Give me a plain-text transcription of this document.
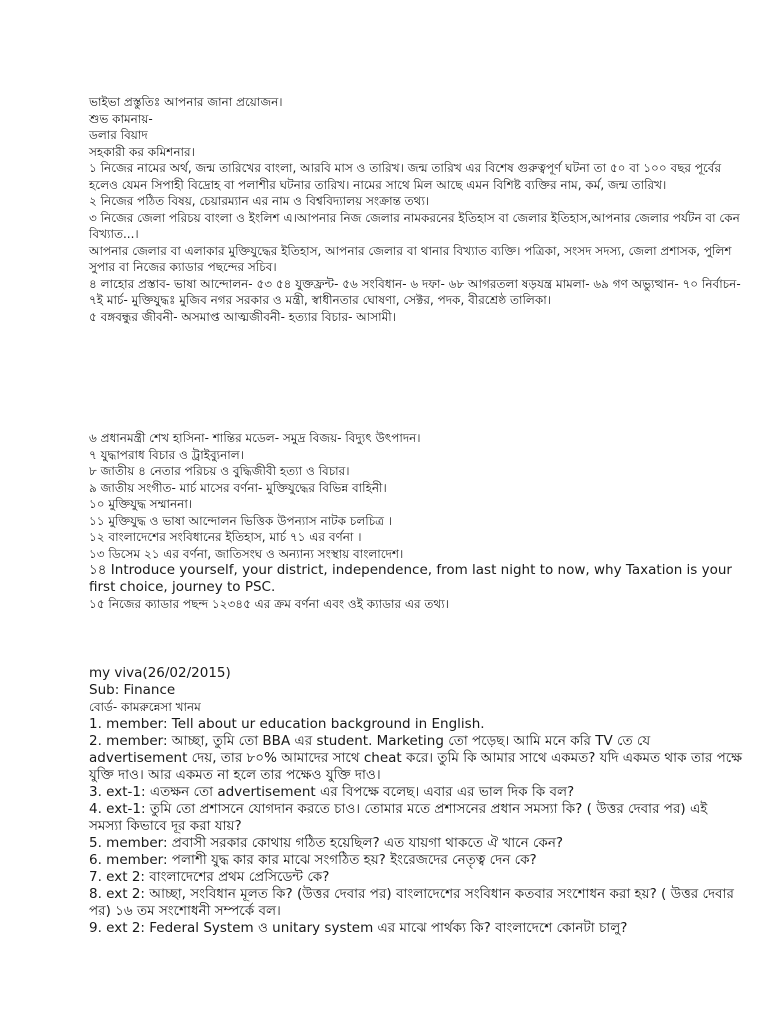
ভাইভা প্রস্তুতিঃ আপনার জানা প্রয়োজন।
শুভ কামনায়-
ডলার বিয়াদ
সহকারী কর কমিশনার।
১ নিজের নামের অর্থ, জন্ম তারিখের বাংলা, আরবি মাস ও তারিখ। জন্ম তারিখ এর বিশেষ গুরুত্বপূর্ণ ঘটনা তা ৫০ বা ১০০ বছর পূর্বের হলেও যেমন সিপাহী বিদ্রোহ বা পলাশীর ঘটনার তারিখ। নামের সাথে মিল আছে এমন বিশিষ্ট ব্যক্তির নাম, কর্ম, জন্ম তারিখ।
২ নিজের পঠিত বিষয়, চেয়ারম্যান এর নাম ও বিশ্ববিদ্যালয় সংক্রান্ত তথ্য।
৩ নিজের জেলা পরিচয় বাংলা ও ইংলিশ এ।আপনার নিজ জেলার নামকরনের ইতিহাস বা জেলার ইতিহাস,আপনার জেলার পর্যটন বা কেন বিখ্যাত...।
আপনার জেলার বা এলাকার মুক্তিযুদ্ধের ইতিহাস, আপনার জেলার বা থানার বিখ্যাত ব্যক্তি। পত্রিকা, সংসদ সদস্য, জেলা প্রশাসক, পুলিশ সুপার বা নিজের ক্যাডার পছন্দের সচিব।
৪ লাহোর প্রস্তাব- ভাষা আন্দোলন- ৫৩ ৫৪ যুক্তফ্রন্ট- ৫৬ সংবিধান- ৬ দফা- ৬৮ আগরতলা ষড়যন্ত্র মামলা- ৬৯ গণ অভ্যুত্থান- ৭০ নির্বাচন- ৭ই মার্চ- মুক্তিযুদ্ধঃ মুজিব নগর সরকার ও মন্ত্রী, স্বাধীনতার ঘোষণা, সেক্টর, পদক, বীরশ্রেষ্ঠ তালিকা।
৫ বঙ্গবন্ধুর জীবনী- অসমাপ্ত আত্মজীবনী- হত্যার বিচার- আসামী।
৬ প্রধানমন্ত্রী শেখ হাসিনা- শান্তির মডেল- সমুদ্র বিজয়- বিদ্যুৎ উৎপাদন।
৭ যুদ্ধাপরাধ বিচার ও ট্রাইব্যুনাল।
৮ জাতীয় ৪ নেতার পরিচয় ও বুদ্ধিজীবী হত্যা ও বিচার।
৯ জাতীয় সংগীত- মার্চ মাসের বর্ণনা- মুক্তিযুদ্ধের বিভিন্ন বাহিনী।
১০ মুক্তিযুদ্ধ সম্মাননা।
১১ মুক্তিযুদ্ধ ও ভাষা আন্দোলন ভিত্তিক উপন্যাস নাটক চলচিত্র ।
১২ বাংলাদেশের সংবিধানের ইতিহাস, মার্চ ৭১ এর বর্ণনা ।
১৩ ডিসেম ২১ এর বর্ণনা, জাতিসংঘ ও অন্যান্য সংস্থায় বাংলাদেশ।
১৪ Introduce yourself, your district, independence, from last night to now, why Taxation is your first choice, journey to PSC.
১৫ নিজের ক্যাডার পছন্দ ১২৩৪৫ এর ক্রম বর্ণনা এবং ওই ক্যাডার এর তথ্য।
my viva(26/02/2015)
Sub: Finance
বোর্ড- কামরুন্নেসা খানম
1. member: Tell about ur education background in English.
2. member: আচ্ছা, তুমি তো BBA এর student. Marketing তো পড়েছ। আমি মনে করি TV তে যে advertisement দেয়, তার ৮০% আমাদের সাথে cheat করে। তুমি কি আমার সাথে একমত? যদি একমত থাক তার পক্ষে যুক্তি দাও। আর একমত না হলে তার পক্ষেও যুক্তি দাও।
3. ext-1: এতক্ষন তো advertisement এর বিপক্ষে বলেছ। এবার এর ভাল দিক কি বল?
4. ext-1: তুমি তো প্রশাসনে যোগদান করতে চাও। তোমার মতে প্রশাসনের প্রধান সমস্যা কি? ( উত্তর দেবার পর) এই সমস্যা কিভাবে দূর করা যায়?
5. member: প্রবাসী সরকার কোথায় গঠিত হয়েছিল? এত যায়গা থাকতে ঐ খানে কেন?
6. member: পলাশী যুদ্ধ কার কার মাঝে সংগঠিত হয়? ইংরেজদের নেতৃত্ব দেন কে?
7. ext 2: বাংলাদেশের প্রথম প্রেসিডেন্ট কে?
8. ext 2: আচ্ছা, সংবিধান মূলত কি? (উত্তর দেবার পর) বাংলাদেশের সংবিধান কতবার সংশোধন করা হয়? ( উত্তর দেবার পর) ১৬ তম সংশোধনী সম্পর্কে বল।
9. ext 2: Federal System ও unitary system এর মাঝে পার্থক্য কি? বাংলাদেশে কোনটা চালু?
